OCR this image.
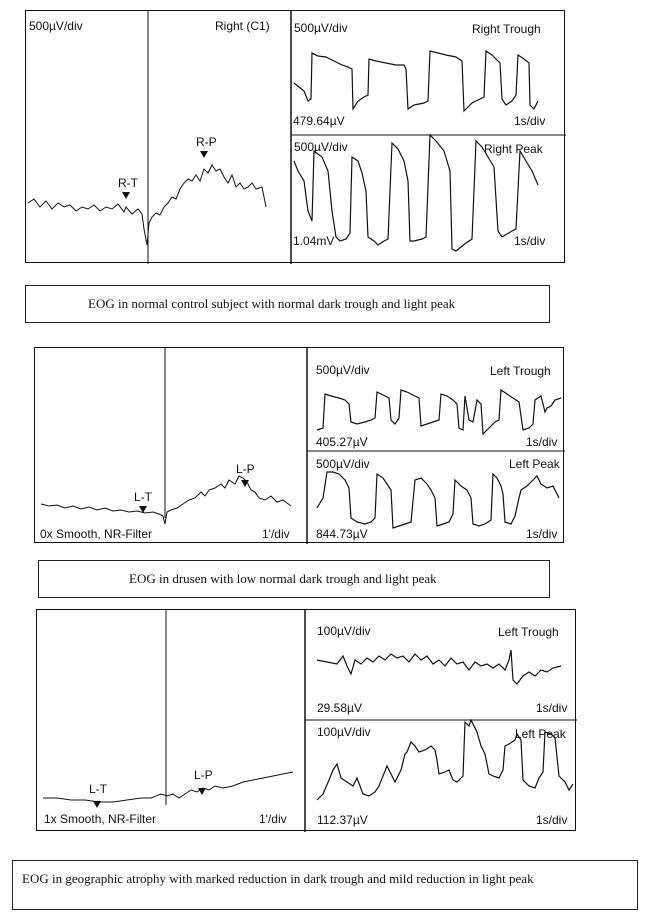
500µV/div	Right (C1)
R-T
R-P
500µV/div	Right Trough
479.64µV	1s/div
500µV/div	Right Peak
1.04mV	1s/div
EOG in normal control subject with normal dark trough and light peak
L-T
L-P
0x Smooth, NR-Filter	1'/div
500µV/div	Left Trough
405.27µV	1s/div
500µV/div	Left Peak
844.73µV	1s/div
EOG in drusen with low normal dark trough and light peak
L-T
L-P
1x Smooth, NR-Filter	1'/div
100µV/div	Left Trough
29.58µV	1s/div
100µV/div	Left Peak
112.37µV	1s/div
EOG in geographic atrophy with marked reduction in dark trough and mild reduction in light peak
